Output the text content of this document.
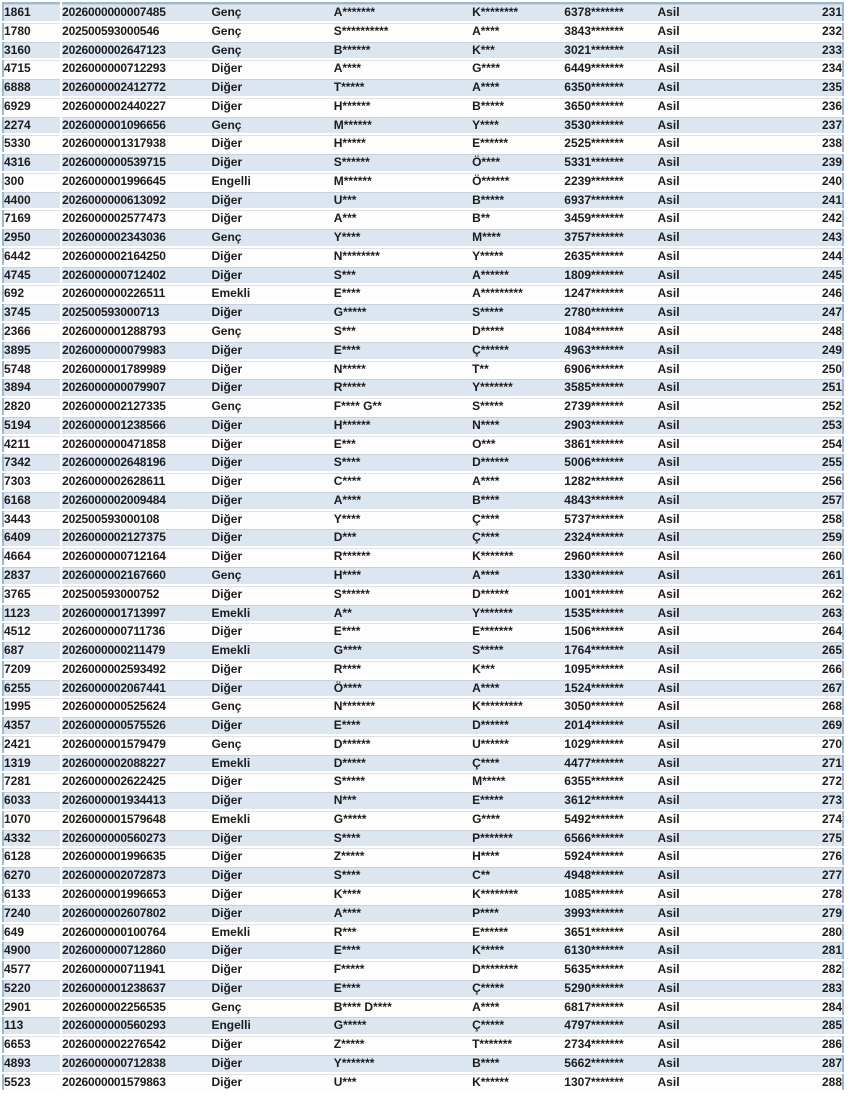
1861	2026000000007485	Genç	A*******	K********	6378*******	Asil	231
1780	202500593000546	Genç	S**********	A****	3843*******	Asil	232
3160	2026000002647123	Genç	B******	K***	3021*******	Asil	233
4715	2026000000712293	Diğer	A****	G****	6449*******	Asil	234
6888	2026000002412772	Diğer	T*****	A****	6350*******	Asil	235
6929	2026000002440227	Diğer	H******	B*****	3650*******	Asil	236
2274	2026000001096656	Genç	M******	Y****	3530*******	Asil	237
5330	2026000001317938	Diğer	H*****	E******	2525*******	Asil	238
4316	2026000000539715	Diğer	S******	Ö****	5331*******	Asil	239
300	2026000001996645	Engelli	M******	Ö******	2239*******	Asil	240
4400	2026000000613092	Diğer	U***	B*****	6937*******	Asil	241
7169	2026000002577473	Diğer	A***	B**	3459*******	Asil	242
2950	2026000002343036	Genç	Y****	M****	3757*******	Asil	243
6442	2026000002164250	Diğer	N********	Y*****	2635*******	Asil	244
4745	2026000000712402	Diğer	S***	A******	1809*******	Asil	245
692	2026000000226511	Emekli	E****	A*********	1247*******	Asil	246
3745	202500593000713	Diğer	G*****	S*****	2780*******	Asil	247
2366	2026000001288793	Genç	S***	D*****	1084*******	Asil	248
3895	2026000000079983	Diğer	E****	Ç******	4963*******	Asil	249
5748	2026000001789989	Diğer	N*****	T**	6906*******	Asil	250
3894	2026000000079907	Diğer	R*****	Y*******	3585*******	Asil	251
2820	2026000002127335	Genç	F**** G**	S*****	2739*******	Asil	252
5194	2026000001238566	Diğer	H******	N****	2903*******	Asil	253
4211	2026000000471858	Diğer	E***	O***	3861*******	Asil	254
7342	2026000002648196	Diğer	S****	D******	5006*******	Asil	255
7303	2026000002628611	Diğer	C****	A****	1282*******	Asil	256
6168	2026000002009484	Diğer	A****	B****	4843*******	Asil	257
3443	202500593000108	Diğer	Y****	Ç****	5737*******	Asil	258
6409	2026000002127375	Diğer	D***	Ç****	2324*******	Asil	259
4664	2026000000712164	Diğer	R******	K*******	2960*******	Asil	260
2837	2026000002167660	Genç	H****	A****	1330*******	Asil	261
3765	202500593000752	Diğer	S******	D******	1001*******	Asil	262
1123	2026000001713997	Emekli	A**	Y*******	1535*******	Asil	263
4512	2026000000711736	Diğer	E****	E*******	1506*******	Asil	264
687	2026000000211479	Emekli	G****	S*****	1764*******	Asil	265
7209	2026000002593492	Diğer	R****	K***	1095*******	Asil	266
6255	2026000002067441	Diğer	Ö****	A****	1524*******	Asil	267
1995	2026000000525624	Genç	N*******	K*********	3050*******	Asil	268
4357	2026000000575526	Diğer	E****	D******	2014*******	Asil	269
2421	2026000001579479	Genç	D******	U******	1029*******	Asil	270
1319	2026000002088227	Emekli	D*****	Ç****	4477*******	Asil	271
7281	2026000002622425	Diğer	S*****	M*****	6355*******	Asil	272
6033	2026000001934413	Diğer	N***	E*****	3612*******	Asil	273
1070	2026000001579648	Emekli	G*****	G****	5492*******	Asil	274
4332	2026000000560273	Diğer	S****	P*******	6566*******	Asil	275
6128	2026000001996635	Diğer	Z*****	H****	5924*******	Asil	276
6270	2026000002072873	Diğer	S****	C**	4948*******	Asil	277
6133	2026000001996653	Diğer	K****	K********	1085*******	Asil	278
7240	2026000002607802	Diğer	A****	P****	3993*******	Asil	279
649	2026000000100764	Emekli	R***	E******	3651*******	Asil	280
4900	2026000000712860	Diğer	E****	K*****	6130*******	Asil	281
4577	2026000000711941	Diğer	F*****	D********	5635*******	Asil	282
5220	2026000001238637	Diğer	E****	Ç*****	5290*******	Asil	283
2901	2026000002256535	Genç	B**** D****	A****	6817*******	Asil	284
113	2026000000560293	Engelli	G*****	Ç*****	4797*******	Asil	285
6653	2026000002276542	Diğer	Z*****	T*******	2734*******	Asil	286
4893	2026000000712838	Diğer	Y*******	B****	5662*******	Asil	287
5523	2026000001579863	Diğer	U***	K******	1307*******	Asil	288
